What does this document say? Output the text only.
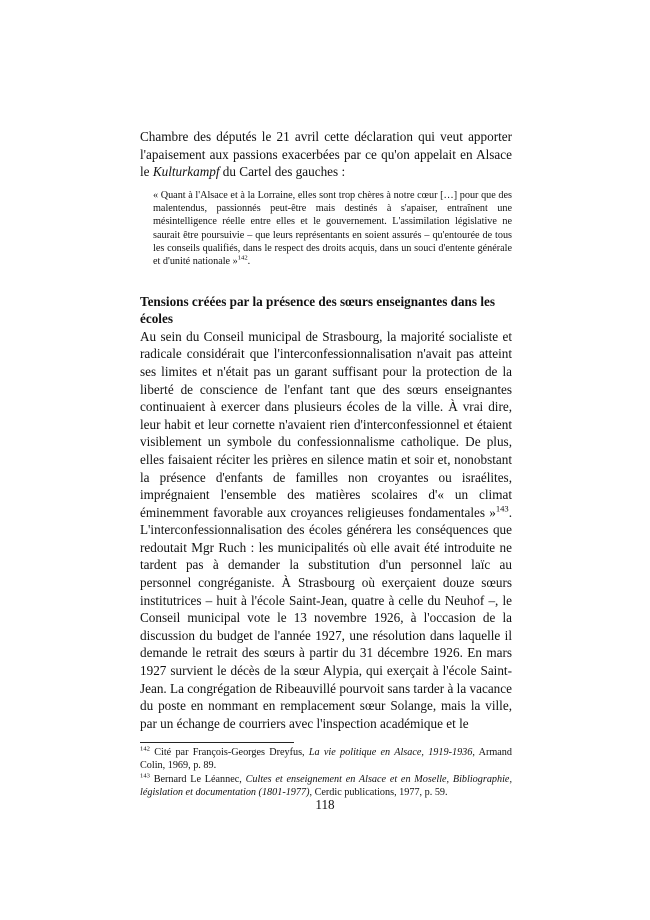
Chambre des députés le 21 avril cette déclaration qui veut apporter l'apaisement aux passions exacerbées par ce qu'on appelait en Alsace le Kulturkampf du Cartel des gauches :

« Quant à l'Alsace et à la Lorraine, elles sont trop chères à notre cœur […] pour que des malentendus, passionnés peut-être mais destinés à s'apaiser, entraînent une mésintelligence réelle entre elles et le gouvernement. L'assimilation législative ne saurait être poursuivie – que leurs représentants en soient assurés – qu'entourée de tous les conseils qualifiés, dans le respect des droits acquis, dans un souci d'entente générale et d'unité nationale »$^{142}$.

Tensions créées par la présence des sœurs enseignantes dans les écoles

Au sein du Conseil municipal de Strasbourg, la majorité socialiste et radicale considérait que l'interconfessionnalisation n'avait pas atteint ses limites et n'était pas un garant suffisant pour la protection de la liberté de conscience de l'enfant tant que des sœurs enseignantes continuaient à exercer dans plusieurs écoles de la ville. À vrai dire, leur habit et leur cornette n'avaient rien d'interconfessionnel et étaient visiblement un symbole du confessionnalisme catholique. De plus, elles faisaient réciter les prières en silence matin et soir et, nonobstant la présence d'enfants de familles non croyantes ou israélites, imprégnaient l'ensemble des matières scolaires d'« un climat éminemment favorable aux croyances religieuses fondamentales »$^{143}$. L'interconfessionnalisation des écoles générera les conséquences que redoutait Mgr Ruch : les municipalités où elle avait été introduite ne tardent pas à demander la substitution d'un personnel laïc au personnel congréganiste. À Strasbourg où exerçaient douze sœurs institutrices – huit à l'école Saint-Jean, quatre à celle du Neuhof –, le Conseil municipal vote le 13 novembre 1926, à l'occasion de la discussion du budget de l'année 1927, une résolution dans laquelle il demande le retrait des sœurs à partir du 31 décembre 1926. En mars 1927 survient le décès de la sœur Alypia, qui exerçait à l'école Saint-Jean. La congrégation de Ribeauvillé pourvoit sans tarder à la vacance du poste en nommant en remplacement sœur Solange, mais la ville, par un échange de courriers avec l'inspection académique et le

$^{142}$ Cité par François-Georges Dreyfus, La vie politique en Alsace, 1919-1936, Armand Colin, 1969, p. 89.

$^{143}$ Bernard Le Léannec, Cultes et enseignement en Alsace et en Moselle, Bibliographie, législation et documentation (1801-1977), Cerdic publications, 1977, p. 59.

118
